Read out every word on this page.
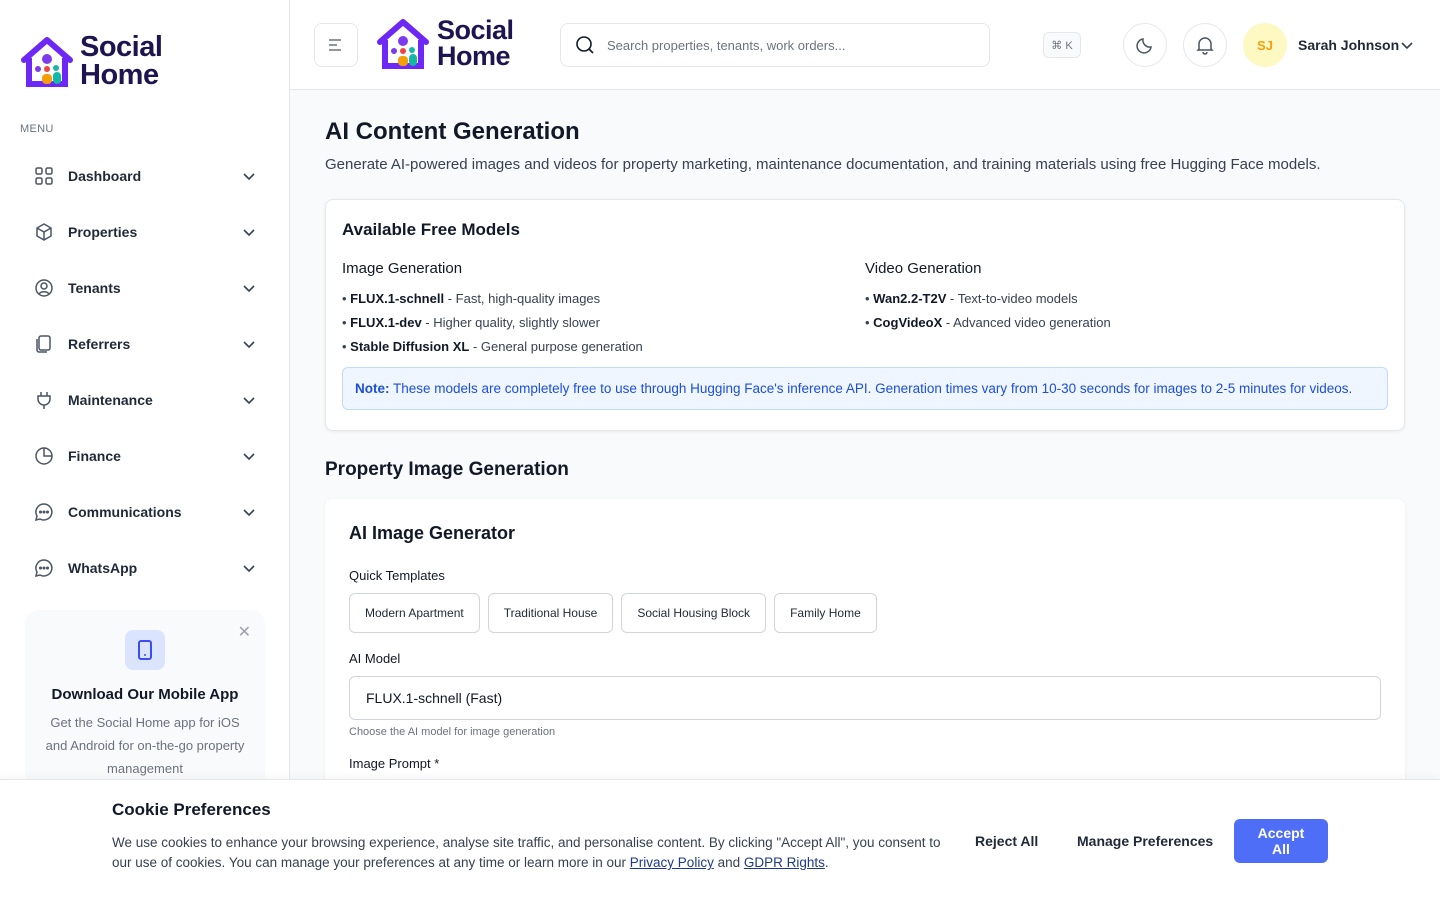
Social
Home
MENU
Dashboard
Properties
Tenants
Referrers
Maintenance
Finance
Communications
WhatsApp
✕
Download Our Mobile App

Get the Social Home app for iOS and Android for on-the-go property management

Social
Home
Search properties, tenants, work orders...	⌘ K	SJ	Sarah Johnson
AI Content Generation
Generate AI-powered images and videos for property marketing, maintenance documentation, and training materials using free Hugging Face models.
Available Free Models
Image Generation
• FLUX.1-schnell - Fast, high-quality images
• FLUX.1-dev - Higher quality, slightly slower
• Stable Diffusion XL - General purpose generation
Video Generation
• Wan2.2-T2V - Text-to-video models
• CogVideoX - Advanced video generation
Note: These models are completely free to use through Hugging Face's inference API. Generation times vary from 10-30 seconds for images to 2-5 minutes for videos.
Property Image Generation
AI Image Generator
Quick Templates
Modern Apartment	Traditional House	Social Housing Block	Family Home
AI Model
FLUX.1-schnell (Fast)
Choose the AI model for image generation
Image Prompt *
Cookie Preferences

We use cookies to enhance your browsing experience, analyse site traffic, and personalise content. By clicking "Accept All", you consent to our use of cookies. You can manage your preferences at any time or learn more in our Privacy Policy and GDPR Rights.

Reject All	Manage Preferences	Accept All
